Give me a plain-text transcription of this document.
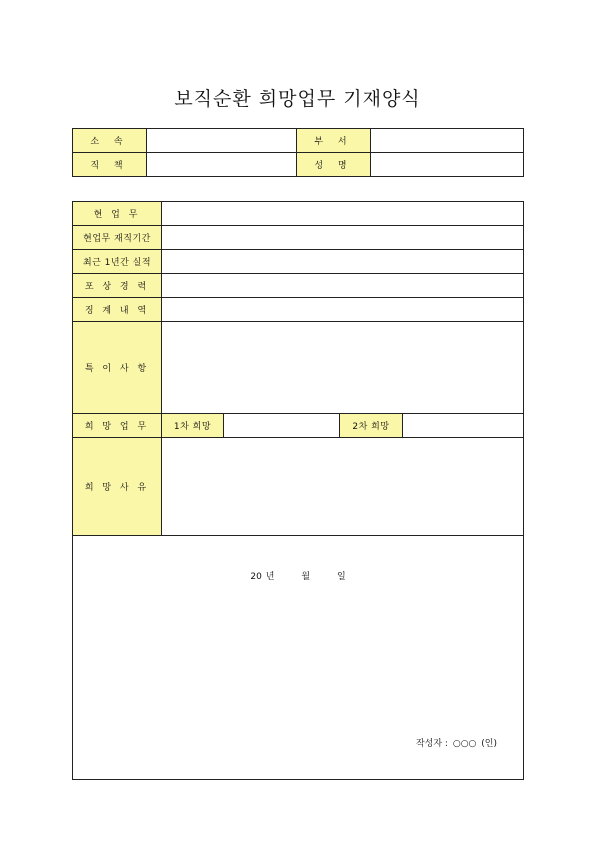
보직순환 희망업무 기재양식
소 속		부 서	
직 책		성 명	
현 업 무				
현업무 재직기간				
최근 1년간 실적				
포 상 경 력				
징 계 내 역				
특 이 사 항				
희 망 업 무	1차 희망		2차 희망	
희 망 사 유				

20 년 월 일
작성자 : ○○○ (인)				
